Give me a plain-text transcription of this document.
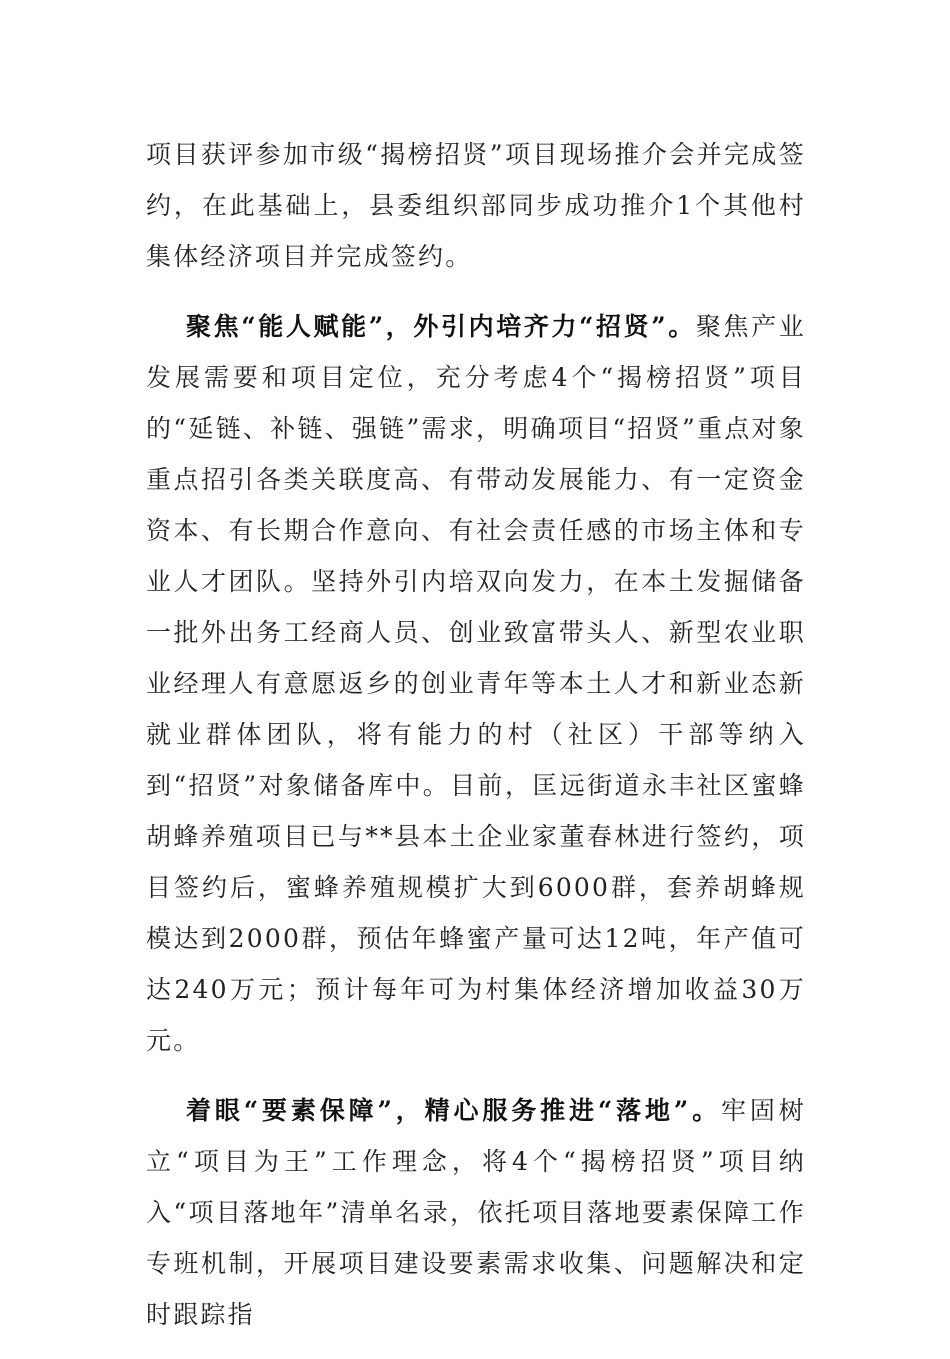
项目获评参加市级“揭榜招贤”项目现场推介会并完成签约，在此基础上，县委组织部同步成功推介1个其他村集体经济项目并完成签约。

聚焦“能人赋能”，外引内培齐力“招贤”。聚焦产业发展需要和项目定位，充分考虑4个“揭榜招贤”项目的“延链、补链、强链”需求，明确项目“招贤”重点对象重点招引各类关联度高、有带动发展能力、有一定资金资本、有长期合作意向、有社会责任感的市场主体和专业人才团队。坚持外引内培双向发力，在本土发掘储备一批外出务工经商人员、创业致富带头人、新型农业职业经理人有意愿返乡的创业青年等本土人才和新业态新就业群体团队，将有能力的村（社区）干部等纳入到“招贤”对象储备库中。目前，匡远街道永丰社区蜜蜂胡蜂养殖项目已与**县本土企业家董春林进行签约，项目签约后，蜜蜂养殖规模扩大到6000群，套养胡蜂规模达到2000群，预估年蜂蜜产量可达12吨，年产值可达240万元；预计每年可为村集体经济增加收益30万元。

着眼“要素保障”，精心服务推进“落地”。牢固树立“项目为王”工作理念，将4个“揭榜招贤”项目纳入“项目落地年”清单名录，依托项目落地要素保障工作专班机制，开展项目建设要素需求收集、问题解决和定时跟踪指
